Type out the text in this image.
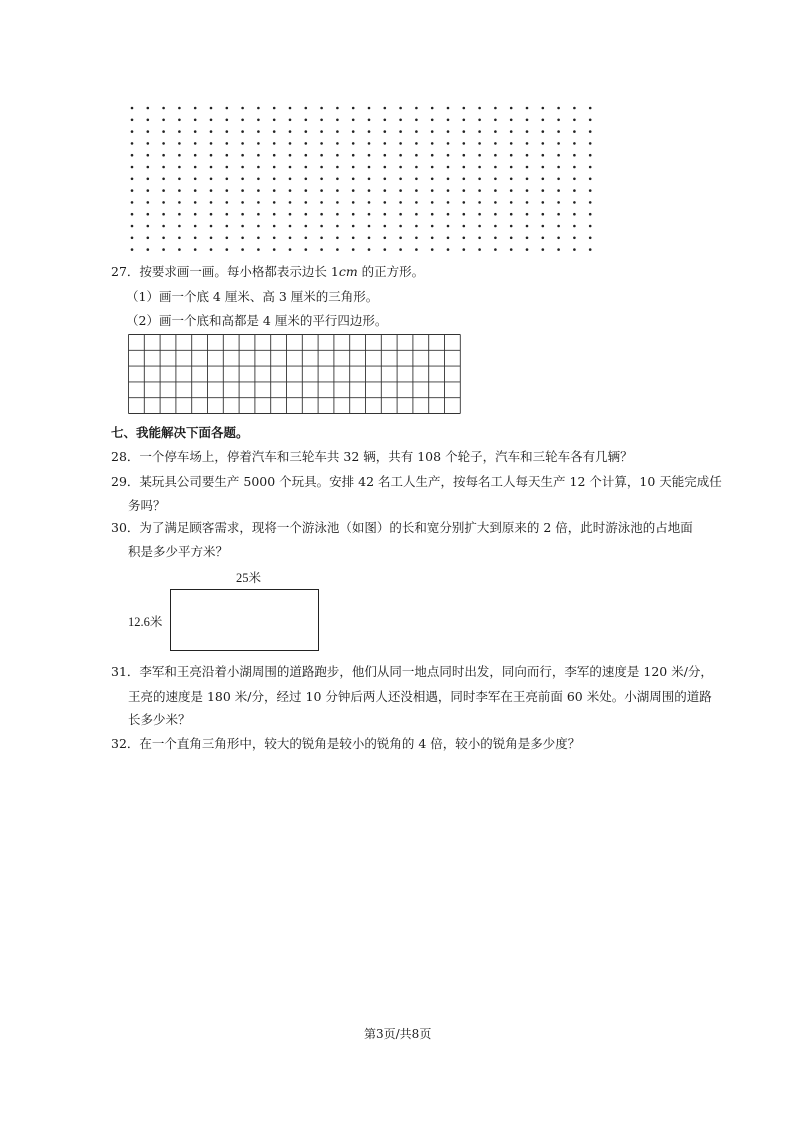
27．按要求画一画。每小格都表示边长 1cm 的正方形。

（1）画一个底 4 厘米、高 3 厘米的三角形。

（2）画一个底和高都是 4 厘米的平行四边形。

七、我能解决下面各题。

28．一个停车场上，停着汽车和三轮车共 32 辆，共有 108 个轮子，汽车和三轮车各有几辆？

29．某玩具公司要生产 5000 个玩具。安排 42 名工人生产，按每名工人每天生产 12 个计算，10 天能完成任

务吗？

30．为了满足顾客需求，现将一个游泳池（如图）的长和宽分别扩大到原来的 2 倍，此时游泳池的占地面

积是多少平方米？

25米
12.6米

31．李军和王亮沿着小湖周围的道路跑步，他们从同一地点同时出发，同向而行，李军的速度是 120 米/分，

王亮的速度是 180 米/分，经过 10 分钟后两人还没相遇，同时李军在王亮前面 60 米处。小湖周围的道路

长多少米？

32．在一个直角三角形中，较大的锐角是较小的锐角的 4 倍，较小的锐角是多少度？

第3页/共8页
